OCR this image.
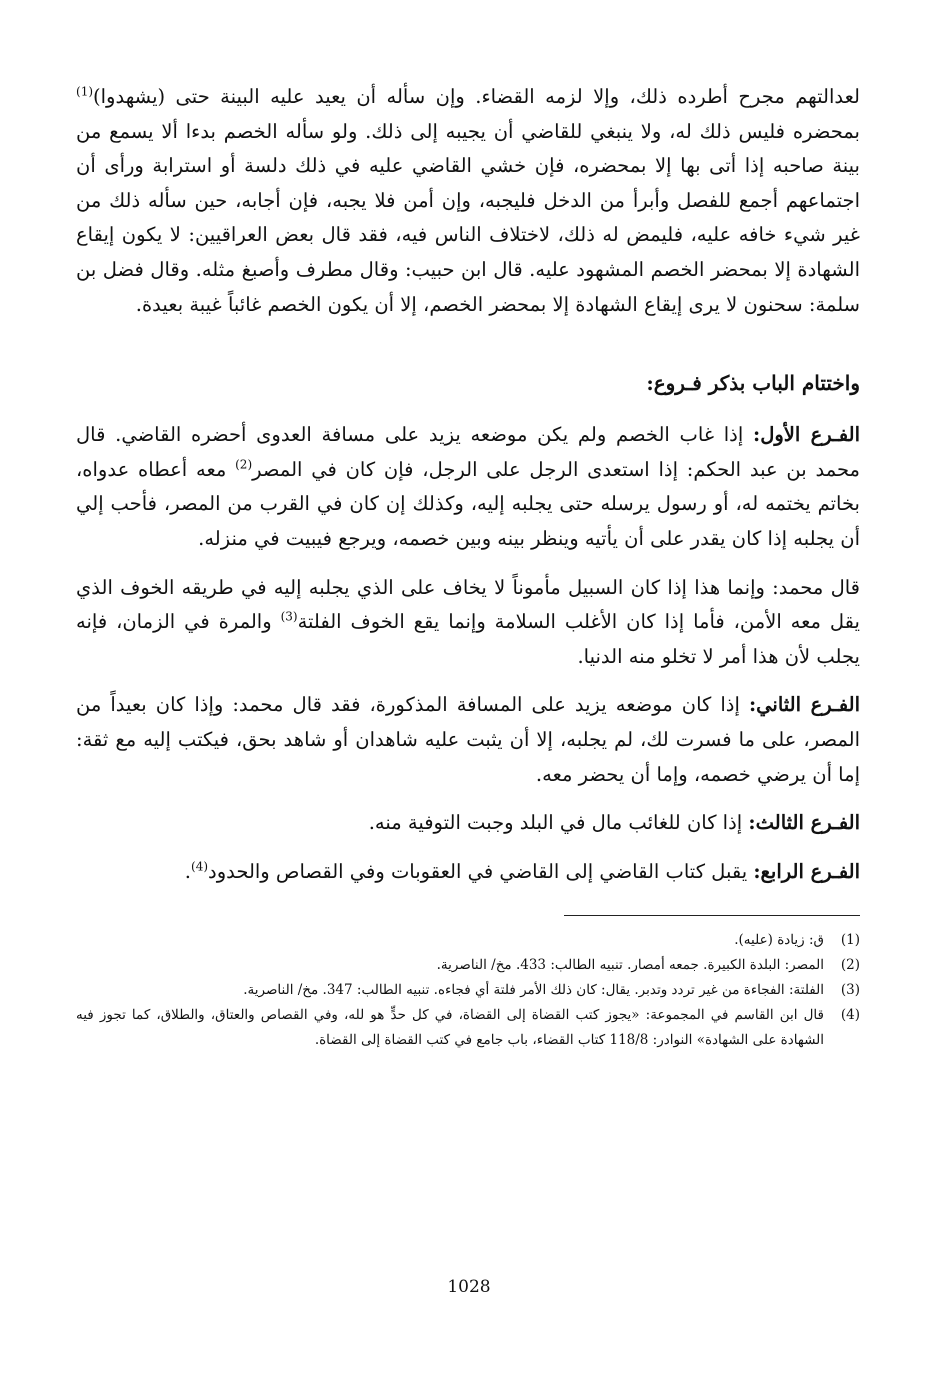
لعدالتهم مجرح أطرده ذلك، وإلا لزمه القضاء. وإن سأله أن يعيد عليه البينة حتى (يشهدوا)$^{(1)}$ بمحضره فليس ذلك له، ولا ينبغي للقاضي أن يجيبه إلى ذلك. ولو سأله الخصم بدءا ألا يسمع من بينة صاحبه إذا أتى بها إلا بمحضره، فإن خشي القاضي عليه في ذلك دلسة أو استرابة ورأى أن اجتماعهم أجمع للفصل وأبرأ من الدخل فليجبه، وإن أمن فلا يجبه، فإن أجابه، حين سأله ذلك من غير شيء خافه عليه، فليمض له ذلك، لاختلاف الناس فيه، فقد قال بعض العراقيين: لا يكون إيقاع الشهادة إلا بمحضر الخصم المشهود عليه. قال ابن حبيب: وقال مطرف وأصبغ مثله. وقال فضل بن سلمة: سحنون لا يرى إيقاع الشهادة إلا بمحضر الخصم، إلا أن يكون الخصم غائباً غيبة بعيدة.

واختتام الباب بذكر فـروع:

الفـرع الأول: إذا غاب الخصم ولم يكن موضعه يزيد على مسافة العدوى أحضره القاضي. قال محمد بن عبد الحكم: إذا استعدى الرجل على الرجل، فإن كان في المصر$^{(2)}$ معه أعطاه عدواه، بخاتم يختمه له، أو رسول يرسله حتى يجلبه إليه، وكذلك إن كان في القرب من المصر، فأحب إلي أن يجلبه إذا كان يقدر على أن يأتيه وينظر بينه وبين خصمه، ويرجع فيبيت في منزله.

قال محمد: وإنما هذا إذا كان السبيل مأموناً لا يخاف على الذي يجلبه إليه في طريقه الخوف الذي يقل معه الأمن، فأما إذا كان الأغلب السلامة وإنما يقع الخوف الفلتة$^{(3)}$ والمرة في الزمان، فإنه يجلب لأن هذا أمر لا تخلو منه الدنيا.

الفـرع الثاني: إذا كان موضعه يزيد على المسافة المذكورة، فقد قال محمد: وإذا كان بعيداً من المصر، على ما فسرت لك، لم يجلبه، إلا أن يثبت عليه شاهدان أو شاهد بحق، فيكتب إليه مع ثقة: إما أن يرضي خصمه، وإما أن يحضر معه.

الفـرع الثالث: إذا كان للغائب مال في البلد وجبت التوفية منه.

الفـرع الرابع: يقبل كتاب القاضي إلى القاضي في العقوبات وفي القصاص والحدود$^{(4)}$.

(1)
ق: زيادة (عليه).
(2)
المصر: البلدة الكبيرة. جمعه أمصار. تنبيه الطالب: 433. مخ/ الناصرية.
(3)
الفلتة: الفجاءة من غير تردد وتدبر. يقال: كان ذلك الأمر فلتة أي فجاءه. تنبيه الطالب: 347. مخ/ الناصرية.
(4)
قال ابن القاسم في المجموعة: «يجوز كتب القضاة إلى القضاة، في كل حدٍّ هو لله، وفي القصاص والعتاق، والطلاق، كما تجوز فيه الشهادة على الشهادة» النوادر: 118/8 كتاب القضاء، باب جامع في كتب القضاة إلى القضاة.
1028
